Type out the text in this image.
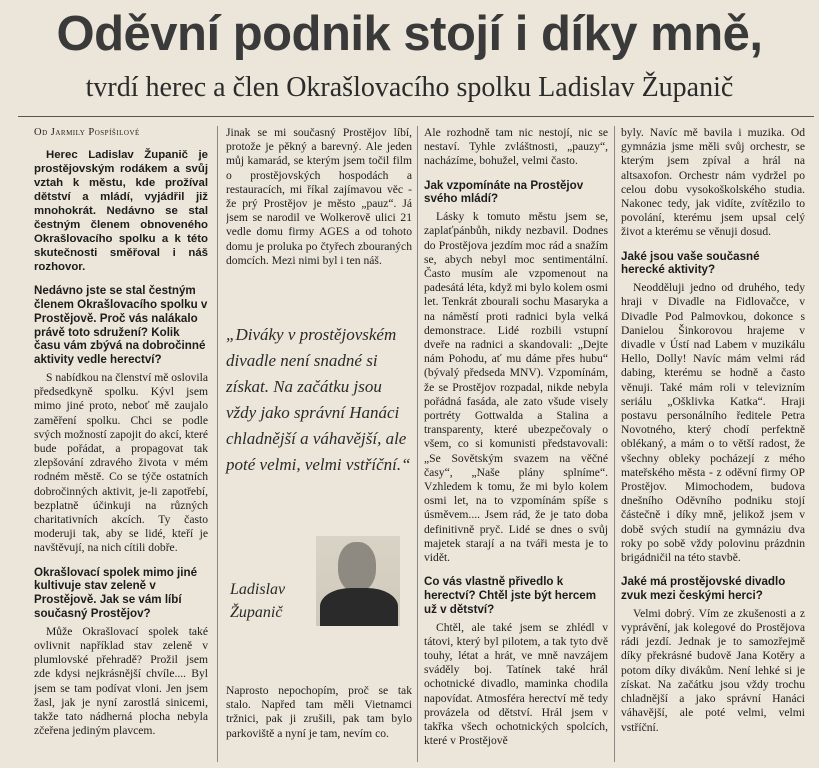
Oděvní podnik stojí i díky mně,
tvrdí herec a člen Okrašlovacího spolku Ladislav Županič
Od Jarmily Pospíšilové

Herec Ladislav Županič je prostějovským rodákem a svůj vztah k městu, kde prožíval dětství a mládí, vyjádřil již mnohokrát. Nedávno se stal čestným členem obnoveného Okrašlovacího spolku a k této skutečnosti směřoval i náš rozhovor.

Nedávno jste se stal čestným členem Okrašlovacího spolku v Prostějově. Proč vás nalákalo právě toto sdružení? Kolik času vám zbývá na dobročinné aktivity vedle herectví?

S nabídkou na členství mě oslovila předsedkyně spolku. Kývl jsem mimo jiné proto, neboť mě zaujalo zaměření spolku. Chci se podle svých možností zapojit do akcí, které bude pořádat, a propagovat tak zlepšování zdravého života v mém rodném městě. Co se týče ostatních dobročinných aktivit, je-li zapotřebí, bezplatně účinkuji na různých charitativních akcích. Ty často moderuji tak, aby se lidé, kteří je navštěvují, na nich cítili dobře.

Okrašlovací spolek mimo jiné kultivuje stav zeleně v Prostějově. Jak se vám líbí současný Prostějov?

Může Okrašlovací spolek také ovlivnit například stav zeleně v plumlovské přehradě? Prožil jsem zde kdysi nejkrásnější chvíle.... Byl jsem se tam podívat vloni. Jen jsem žasl, jak je nyní zarostlá sinicemi, takže tato nádherná plocha nebyla zčeřena jediným plavcem.

Jinak se mi současný Prostějov líbí, protože je pěkný a barevný. Ale jeden můj kamarád, se kterým jsem točil film o prostějovských hospodách a restauracích, mi říkal zajímavou věc - že prý Prostějov je město „pauz“. Já jsem se narodil ve Wolkerově ulici 21 vedle domu firmy AGES a od tohoto domu je proluka po čtyřech zbouraných domcích. Mezi nimi byl i ten náš.

„Diváky v prostějovském divadle není snadné si získat. Na začátku jsou vždy jako správní Hanáci chladnější a váhavější, ale poté velmi, velmi vstříční.“
Ladislav
Županič
Naprosto nepochopím, proč se tak stalo. Napřed tam měli Vietnamci tržnici, pak ji zrušili, pak tam bylo parkoviště a nyní je tam, nevím co.

Ale rozhodně tam nic nestojí, nic se nestaví. Tyhle zvláštnosti, „pauzy“, nacházíme, bohužel, velmi často.

Jak vzpomínáte na Prostějov svého mládí?

Lásky k tomuto městu jsem se, zaplaťpánbůh, nikdy nezbavil. Dodnes do Prostějova jezdím moc rád a snažím se, abych nebyl moc sentimentální. Často musím ale vzpomenout na padesátá léta, když mi bylo kolem osmi let. Tenkrát zbourali sochu Masaryka a na náměstí proti radnici byla velká demonstrace. Lidé rozbili vstupní dveře na radnici a skandovali: „Dejte nám Pohodu, ať mu dáme přes hubu“ (bývalý předseda MNV). Vzpomínám, že se Prostějov rozpadal, nikde nebyla pořádná fasáda, ale zato všude visely portréty Gottwalda a Stalina a transparenty, které ubezpečovaly o všem, co si komunisti představovali: „Se Sovětským svazem na věčné časy“, „Naše plány splníme“. Vzhledem k tomu, že mi bylo kolem osmi let, na to vzpomínám spíše s úsměvem.... Jsem rád, že je tato doba definitivně pryč. Lidé se dnes o svůj majetek starají a na tváři mesta je to vidět.

Co vás vlastně přivedlo k herectví? Chtěl jste být hercem už v dětství?

Chtěl, ale také jsem se zhlédl v tátovi, který byl pilotem, a tak tyto dvě touhy, létat a hrát, ve mně navzájem sváděly boj. Tatínek také hrál ochotnické divadlo, maminka chodila napovídat. Atmosféra herectví mě tedy provázela od dětství. Hrál jsem v takřka všech ochotnických spolcích, které v Prostějově

byly. Navíc mě bavila i muzika. Od gymnázia jsme měli svůj orchestr, se kterým jsem zpíval a hrál na altsaxofon. Orchestr nám vydržel po celou dobu vysokoškolského studia. Nakonec tedy, jak vidíte, zvítězilo to povolání, kterému jsem upsal celý život a kterému se věnuji dosud.

Jaké jsou vaše současné herecké aktivity?

Neodděluji jedno od druhého, tedy hraji v Divadle na Fidlovačce, v Divadle Pod Palmovkou, dokonce s Danielou Šinkorovou hrajeme v divadle v Ústí nad Labem v muzikálu Hello, Dolly! Navíc mám velmi rád dabing, kterému se hodně a často věnuji. Také mám roli v televizním seriálu „Ošklivka Katka“. Hraji postavu personálního ředitele Petra Novotného, který chodí perfektně oblékaný, a mám o to větší radost, že všechny obleky pocházejí z mého mateřského města - z oděvní firmy OP Prostějov. Mimochodem, budova dnešního Oděvního podniku stojí částečně i díky mně, jelikož jsem v době svých studií na gymnáziu dva roky po sobě vždy polovinu prázdnin brigádničil na této stavbě.

Jaké má prostějovské divadlo zvuk mezi českými herci?

Velmi dobrý. Vím ze zkušenosti a z vyprávění, jak kolegové do Prostějova rádi jezdí. Jednak je to samozřejmě díky překrásné budově Jana Kotěry a potom díky divákům. Není lehké si je získat. Na začátku jsou vždy trochu chladnější a jako správní Hanáci váhavější, ale poté velmi, velmi vstříční.
